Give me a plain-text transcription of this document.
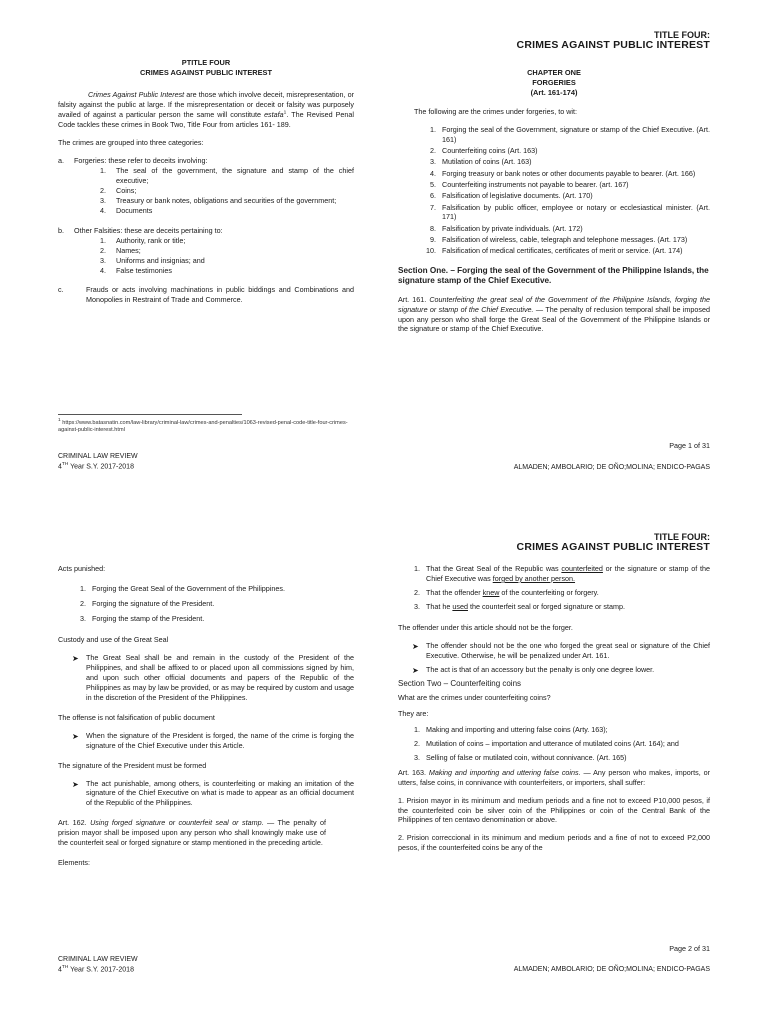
TITLE FOUR:
CRIMES AGAINST PUBLIC INTEREST
PTITLE FOUR
CRIMES AGAINST PUBLIC INTEREST

Crimes Against Public Interest are those which involve deceit, misrepresentation, or falsity against the public at large. If the misrepresentation or deceit or falsity was purposely availed of against a particular person the same will constitute estafa$^1$. The Revised Penal Code tackles these crimes in Book Two, Title Four from articles 161- 189.

The crimes are grouped into three categories:

a. Forgeries: these refer to deceits involving:
1.	The seal of the government, the signature and stamp of the chief executive;
2.	Coins;
3.	Treasury or bank notes, obligations and securities of the government;
4.	Documents
b. Other Falsities: these are deceits pertaining to:
1.	Authority, rank or title;
2.	Names;
3.	Uniforms and insignias; and
4.	False testimonies
c.	Frauds or acts involving machinations in public biddings and Combinations and Monopolies in Restraint of Trade and Commerce.
$^1$ https://www.batasnatin.com/law-library/criminal-law/crimes-and-penalties/1063-revised-penal-code-title-four-crimes-against-public-interest.html
CHAPTER ONE
FORGERIES
(Art. 161-174)

The following are the crimes under forgeries, to wit:

1. Forging the seal of the Government, signature or stamp of the Chief Executive. (Art. 161)
2. Counterfeiting coins (Art. 163)
3. Mutilation of coins (Art. 163)
4. Forging treasury or bank notes or other documents payable to bearer. (Art. 166)
5. Counterfeiting instruments not payable to bearer. (art. 167)
6. Falsification of legislative documents. (Art. 170)
7. Falsification by public officer, employee or notary or ecclesiastical minister. (Art. 171)
8. Falsification by private individuals. (Art. 172)
9. Falsification of wireless, cable, telegraph and telephone messages. (Art. 173)
10. Falsification of medical certificates, certificates of merit or service. (Art. 174)

Section One. – Forging the seal of the Government of the Philippine Islands, the signature stamp of the Chief Executive.

Art. 161. Counterfeiting the great seal of the Government of the Philippine Islands, forging the signature or stamp of the Chief Executive. — The penalty of reclusion temporal shall be imposed upon any person who shall forge the Great Seal of the Government of the Philippine Islands or the signature or stamp of the Chief Executive.

Page 1 of 31
CRIMINAL LAW REVIEW
4TH Year S.Y. 2017-2018	ALMADEN; AMBOLARIO; DE OÑO;MOLINA; ENDICO-PAGAS
TITLE FOUR:
CRIMES AGAINST PUBLIC INTEREST

Acts punished:

1. Forging the Great Seal of the Government of the Philippines.
2. Forging the signature of the President.
3. Forging the stamp of the President.

Custody and use of the Great Seal

➤ The Great Seal shall be and remain in the custody of the President of the Philippines, and shall be affixed to or placed upon all commissions signed by him, and upon such other official documents and papers of the Republic of the Philippines as may by law be provided, or as may be required by custom and usage in the discretion of the President of the Philippines.

The offense is not falsification of public document

➤ When the signature of the President is forged, the name of the crime is forging the signature of the Chief Executive under this Article.

The signature of the President must be formed

➤ The act punishable, among others, is counterfeiting or making an imitation of the signature of the Chief Executive on what is made to appear as an official document of the Republic of the Philippines.

Art. 162. Using forged signature or counterfeit seal or stamp. — The penalty of prision mayor shall be imposed upon any person who shall knowingly make use of the counterfeit seal or forged signature or stamp mentioned in the preceding article.

Elements:

1. That the Great Seal of the Republic was counterfeited or the signature or stamp of the Chief Executive was forged by another person.
2. That the offender knew of the counterfeiting or forgery.
3. That he used the counterfeit seal or forged signature or stamp.

The offender under this article should not be the forger.

➤ The offender should not be the one who forged the great seal or signature of the Chief Executive. Otherwise, he will be penalized under Art. 161.
➤ The act is that of an accessory but the penalty is only one degree lower.

Section Two – Counterfeiting coins

What are the crimes under counterfeiting coins?

They are:

1. Making and importing and uttering false coins (Arty. 163);
2. Mutilation of coins – importation and utterance of mutilated coins (Art. 164); and
3. Selling of false or mutilated coin, without connivance. (Art. 165)

Art. 163. Making and importing and uttering false coins. — Any person who makes, imports, or utters, false coins, in connivance with counterfeiters, or importers, shall suffer:

1. Prision mayor in its minimum and medium periods and a fine not to exceed P10,000 pesos, if the counterfeited coin be silver coin of the Philippines or coin of the Central Bank of the Philippines of ten centavo denomination or above.

2. Prision correccional in its minimum and medium periods and a fine of not to exceed P2,000 pesos, if the counterfeited coins be any of the

Page 2 of 31
CRIMINAL LAW REVIEW
4TH Year S.Y. 2017-2018	ALMADEN; AMBOLARIO; DE OÑO;MOLINA; ENDICO-PAGAS
